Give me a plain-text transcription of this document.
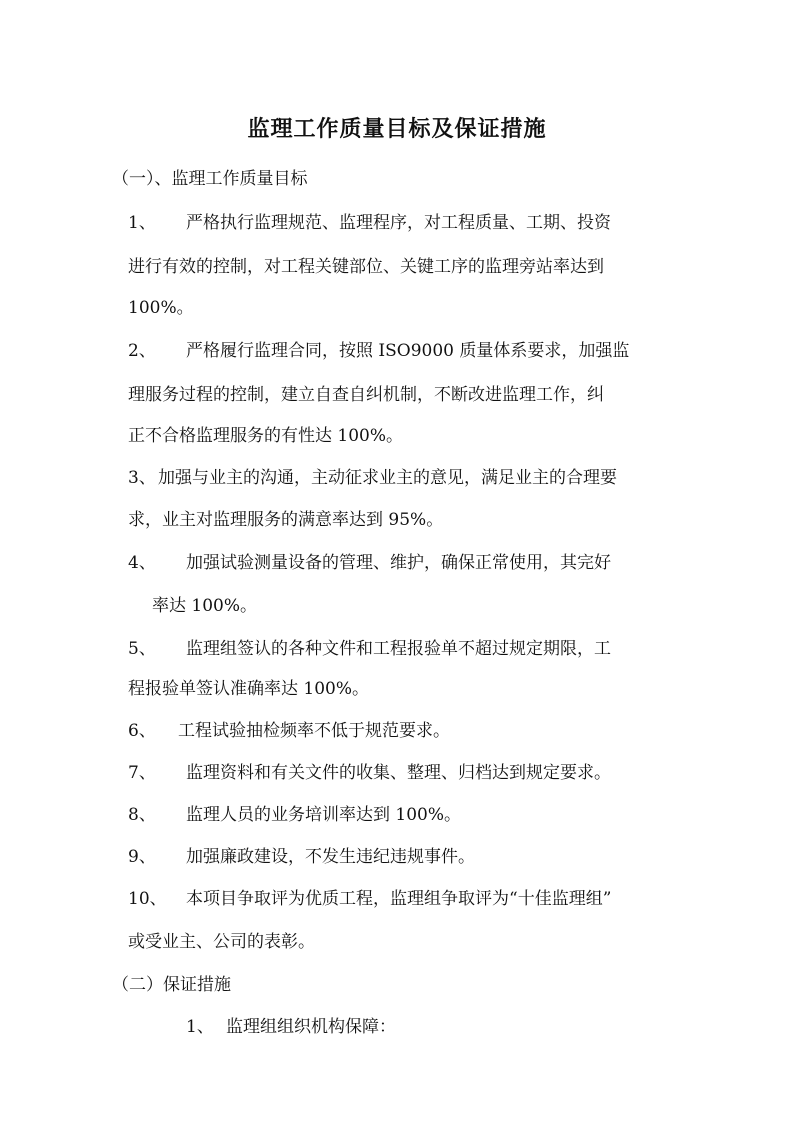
监理工作质量目标及保证措施

（一）、监理工作质量目标

1、 严格执行监理规范、监理程序，对工程质量、工期、投资

进行有效的控制，对工程关键部位、关键工序的监理旁站率达到

100%。

2、 严格履行监理合同，按照 ISO9000 质量体系要求，加强监

理服务过程的控制，建立自查自纠机制，不断改进监理工作，纠

正不合格监理服务的有性达 100%。

3、 加强与业主的沟通，主动征求业主的意见，满足业主的合理要

求，业主对监理服务的满意率达到 95%。

4、 加强试验测量设备的管理、维护，确保正常使用，其完好

率达 100%。

5、 监理组签认的各种文件和工程报验单不超过规定期限，工

程报验单签认准确率达 100%。

6、 工程试验抽检频率不低于规范要求。

7、 监理资料和有关文件的收集、整理、归档达到规定要求。

8、 监理人员的业务培训率达到 100%。

9、 加强廉政建设，不发生违纪违规事件。

10、 本项目争取评为优质工程，监理组争取评为“十佳监理组”

或受业主、公司的表彰。

（二）保证措施

1、 监理组组织机构保障：
